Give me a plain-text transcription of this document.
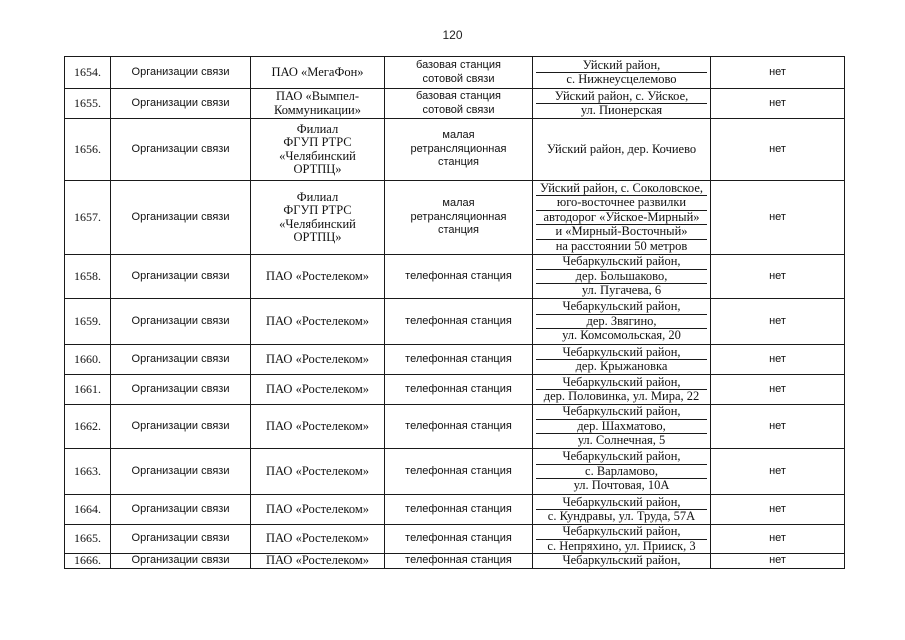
120
1654.	Организации связи	ПАО «МегаФон»	базовая станция
сотовой связи	Уйский район,
с. Нижнеусцелемово	нет
1655.	Организации связи	ПАО «Вымпел-
Коммуникации»	базовая станция
сотовой связи	Уйский район, с. Уйское,
ул. Пионерская	нет
1656.	Организации связи	Филиал
ФГУП РТРС
«Челябинский
ОРТПЦ»	малая
ретрансляционная
станция	Уйский район, дер. Кочиево	нет
1657.	Организации связи	Филиал
ФГУП РТРС
«Челябинский
ОРТПЦ»	малая
ретрансляционная
станция	Уйский район, с. Соколовское,
юго-восточнее развилки
автодорог «Уйское-Мирный»
и «Мирный-Восточный»
на расстоянии 50 метров	нет
1658.	Организации связи	ПАО «Ростелеком»	телефонная станция	Чебаркульский район,
дер. Большаково,
ул. Пугачева, 6	нет
1659.	Организации связи	ПАО «Ростелеком»	телефонная станция	Чебаркульский район,
дер. Звягино,
ул. Комсомольская, 20	нет
1660.	Организации связи	ПАО «Ростелеком»	телефонная станция	Чебаркульский район,
дер. Крыжановка	нет
1661.	Организации связи	ПАО «Ростелеком»	телефонная станция	Чебаркульский район,
дер. Половинка, ул. Мира, 22	нет
1662.	Организации связи	ПАО «Ростелеком»	телефонная станция	Чебаркульский район,
дер. Шахматово,
ул. Солнечная, 5	нет
1663.	Организации связи	ПАО «Ростелеком»	телефонная станция	Чебаркульский район,
с. Варламово,
ул. Почтовая, 10А	нет
1664.	Организации связи	ПАО «Ростелеком»	телефонная станция	Чебаркульский район,
с. Кундравы, ул. Труда, 57А	нет
1665.	Организации связи	ПАО «Ростелеком»	телефонная станция	Чебаркульский район,
с. Непряхино, ул. Прииск, 3	нет
1666.	Организации связи	ПАО «Ростелеком»	телефонная станция	Чебаркульский район,	нет
